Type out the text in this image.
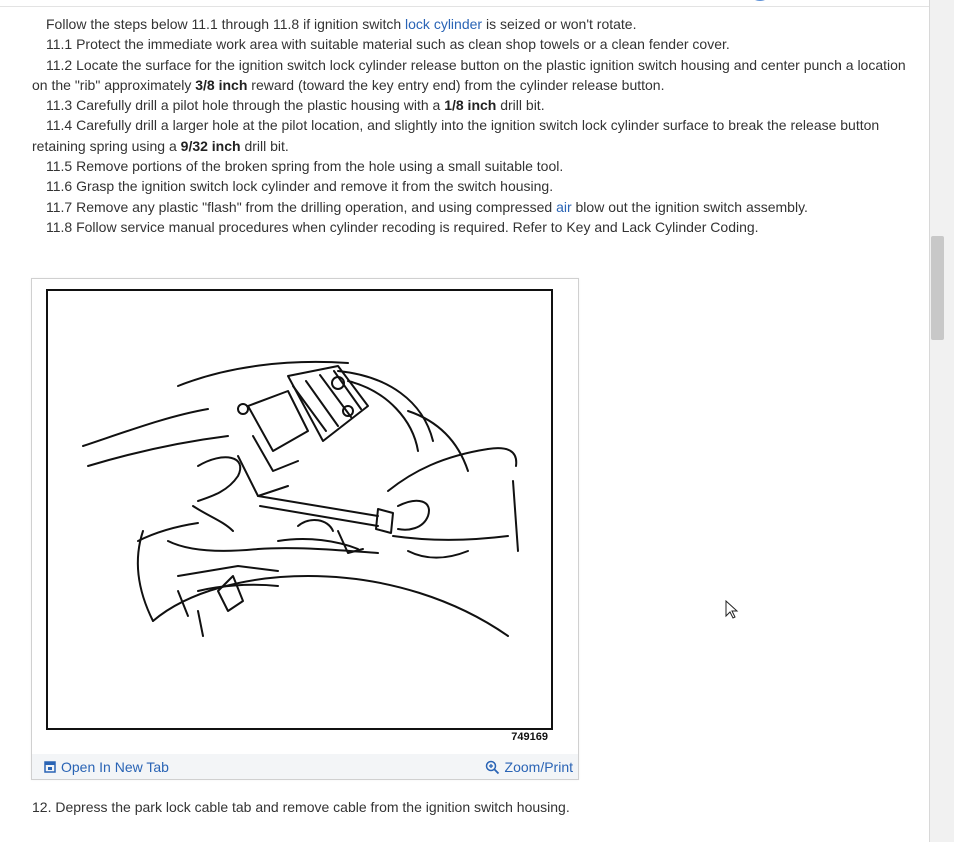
Follow the steps below 11.1 through 11.8 if ignition switch lock cylinder is seized or won't rotate.

11.1 Protect the immediate work area with suitable material such as clean shop towels or a clean fender cover.

11.2 Locate the surface for the ignition switch lock cylinder release button on the plastic ignition switch housing and center punch a location on the "rib" approximately 3/8 inch reward (toward the key entry end) from the cylinder release button.

11.3 Carefully drill a pilot hole through the plastic housing with a 1/8 inch drill bit.

11.4 Carefully drill a larger hole at the pilot location, and slightly into the ignition switch lock cylinder surface to break the release button retaining spring using a 9/32 inch drill bit.

11.5 Remove portions of the broken spring from the hole using a small suitable tool.

11.6 Grasp the ignition switch lock cylinder and remove it from the switch housing.

11.7 Remove any plastic "flash" from the drilling operation, and using compressed air blow out the ignition switch assembly.

11.8 Follow service manual procedures when cylinder recoding is required. Refer to Key and Lack Cylinder Coding.

749169
Open In New Tab	Zoom/Print
12. Depress the park lock cable tab and remove cable from the ignition switch housing.
